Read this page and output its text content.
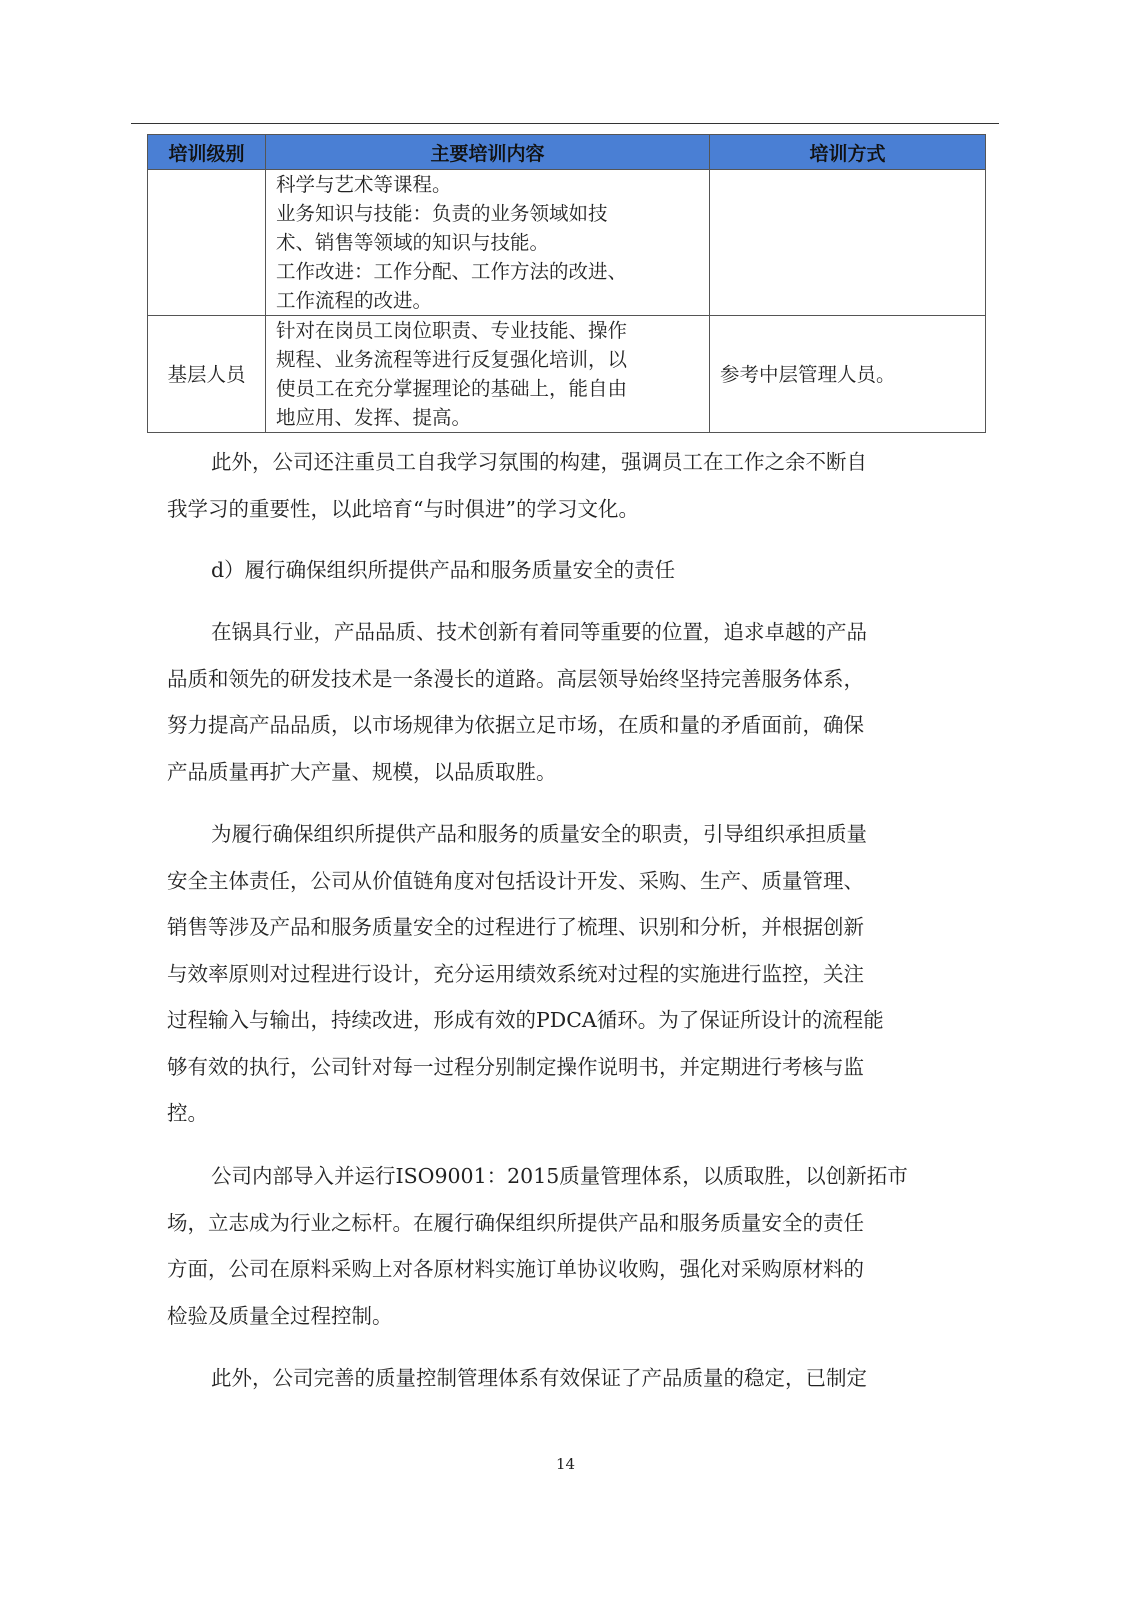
培训级别	主要培训内容	培训方式

	科学与艺术等课程。
业务知识与技能：负责的业务领域如技
术、销售等领域的知识与技能。
工作改进：工作分配、工作方法的改进、
工作流程的改进。	

基层人员	针对在岗员工岗位职责、专业技能、操作
规程、业务流程等进行反复强化培训，以
使员工在充分掌握理论的基础上，能自由
地应用、发挥、提高。	参考中层管理人员。
此外，公司还注重员工自我学习氛围的构建，强调员工在工作之余不断自
我学习的重要性，以此培育“与时俱进”的学习文化。
d）履行确保组织所提供产品和服务质量安全的责任
在锅具行业，产品品质、技术创新有着同等重要的位置，追求卓越的产品
品质和领先的研发技术是一条漫长的道路。高层领导始终坚持完善服务体系，
努力提高产品品质，以市场规律为依据立足市场，在质和量的矛盾面前，确保
产品质量再扩大产量、规模，以品质取胜。
为履行确保组织所提供产品和服务的质量安全的职责，引导组织承担质量
安全主体责任，公司从价值链角度对包括设计开发、采购、生产、质量管理、
销售等涉及产品和服务质量安全的过程进行了梳理、识别和分析，并根据创新
与效率原则对过程进行设计，充分运用绩效系统对过程的实施进行监控，关注
过程输入与输出，持续改进，形成有效的PDCA循环。为了保证所设计的流程能
够有效的执行，公司针对每一过程分别制定操作说明书，并定期进行考核与监
控。
公司内部导入并运行ISO9001：2015质量管理体系，以质取胜，以创新拓市
场，立志成为行业之标杆。在履行确保组织所提供产品和服务质量安全的责任
方面，公司在原料采购上对各原材料实施订单协议收购，强化对采购原材料的
检验及质量全过程控制。
此外，公司完善的质量控制管理体系有效保证了产品质量的稳定，已制定
14
